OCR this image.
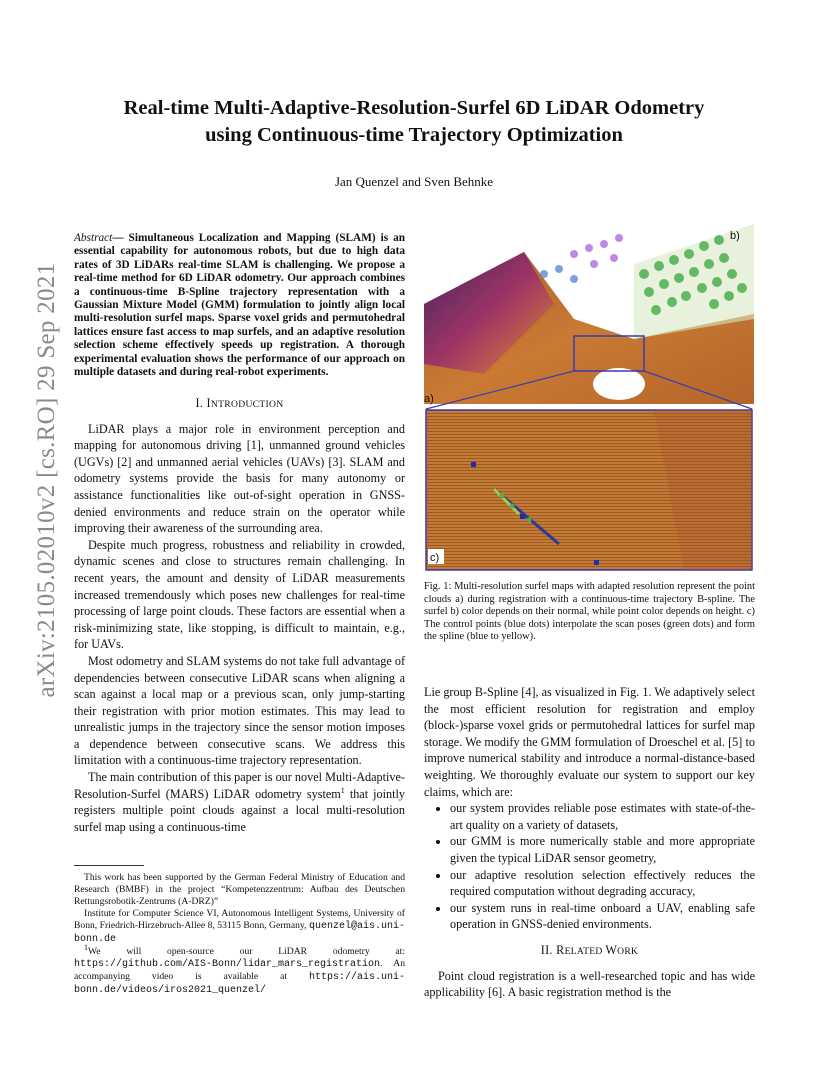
Real-time Multi-Adaptive-Resolution-Surfel 6D LiDAR Odometry
using Continuous-time Trajectory Optimization
Jan Quenzel and Sven Behnke
arXiv:2105.02010v2 [cs.RO] 29 Sep 2021
Abstract— Simultaneous Localization and Mapping (SLAM) is an essential capability for autonomous robots, but due to high data rates of 3D LiDARs real-time SLAM is challenging. We propose a real-time method for 6D LiDAR odometry. Our approach combines a continuous-time B-Spline trajectory representation with a Gaussian Mixture Model (GMM) formulation to jointly align local multi-resolution surfel maps. Sparse voxel grids and permutohedral lattices ensure fast access to map surfels, and an adaptive resolution selection scheme effectively speeds up registration. A thorough experimental evaluation shows the performance of our approach on multiple datasets and during real-robot experiments.
I. INTRODUCTION

LiDAR plays a major role in environment perception and mapping for autonomous driving [1], unmanned ground vehicles (UGVs) [2] and unmanned aerial vehicles (UAVs) [3]. SLAM and odometry systems provide the basis for many autonomy or assistance functionalities like out-of-sight operation in GNSS-denied environments and reduce strain on the operator while improving their awareness of the surrounding area.

Despite much progress, robustness and reliability in crowded, dynamic scenes and close to structures remain challenging. In recent years, the amount and density of LiDAR measurements increased tremendously which poses new challenges for real-time processing of large point clouds. These factors are essential when a risk-minimizing state, like stopping, is difficult to maintain, e.g., for UAVs.

Most odometry and SLAM systems do not take full advantage of dependencies between consecutive LiDAR scans when aligning a scan against a local map or a previous scan, only jump-starting their registration with prior motion estimates. This may lead to unrealistic jumps in the trajectory since the sensor motion imposes a dependence between consecutive scans. We address this limitation with a continuous-time trajectory representation.

The main contribution of this paper is our novel Multi-Adaptive-Resolution-Surfel (MARS) LiDAR odometry system$^1$ that jointly registers multiple point clouds against a local multi-resolution surfel map using a continuous-time

This work has been supported by the German Federal Ministry of Education and Research (BMBF) in the project “Kompetenzzentrum: Aufbau des Deutschen Rettungsrobotik-Zentrums (A-DRZ)”

Institute for Computer Science VI, Autonomous Intelligent Systems, University of Bonn, Friedrich-Hirzebruch-Allee 8, 53115 Bonn, Germany, quenzel@ais.uni-bonn.de

$^1$We will open-source our LiDAR odometry at: https://github.com/AIS-Bonn/lidar_mars_registration. An accompanying video is available at https://ais.uni-bonn.de/videos/iros2021_quenzel/

a)
b)
c)
Fig. 1: Multi-resolution surfel maps with adapted resolution represent the point clouds a) during registration with a continuous-time trajectory B-spline. The surfel b) color depends on their normal, while point color depends on height. c) The control points (blue dots) interpolate the scan poses (green dots) and form the spline (blue to yellow).

Lie group B-Spline [4], as visualized in Fig. 1. We adaptively select the most efficient resolution for registration and employ (block-)sparse voxel grids or permutohedral lattices for surfel map storage. We modify the GMM formulation of Droeschel et al. [5] to improve numerical stability and introduce a normal-distance-based weighting. We thoroughly evaluate our system to support our key claims, which are:

• our system provides reliable pose estimates with state-of-the-art quality on a variety of datasets,
• our GMM is more numerically stable and more appropriate given the typical LiDAR sensor geometry,
• our adaptive resolution selection effectively reduces the required computation without degrading accuracy,
• our system runs in real-time onboard a UAV, enabling safe operation in GNSS-denied environments.
II. RELATED WORK

Point cloud registration is a well-researched topic and has wide applicability [6]. A basic registration method is the
